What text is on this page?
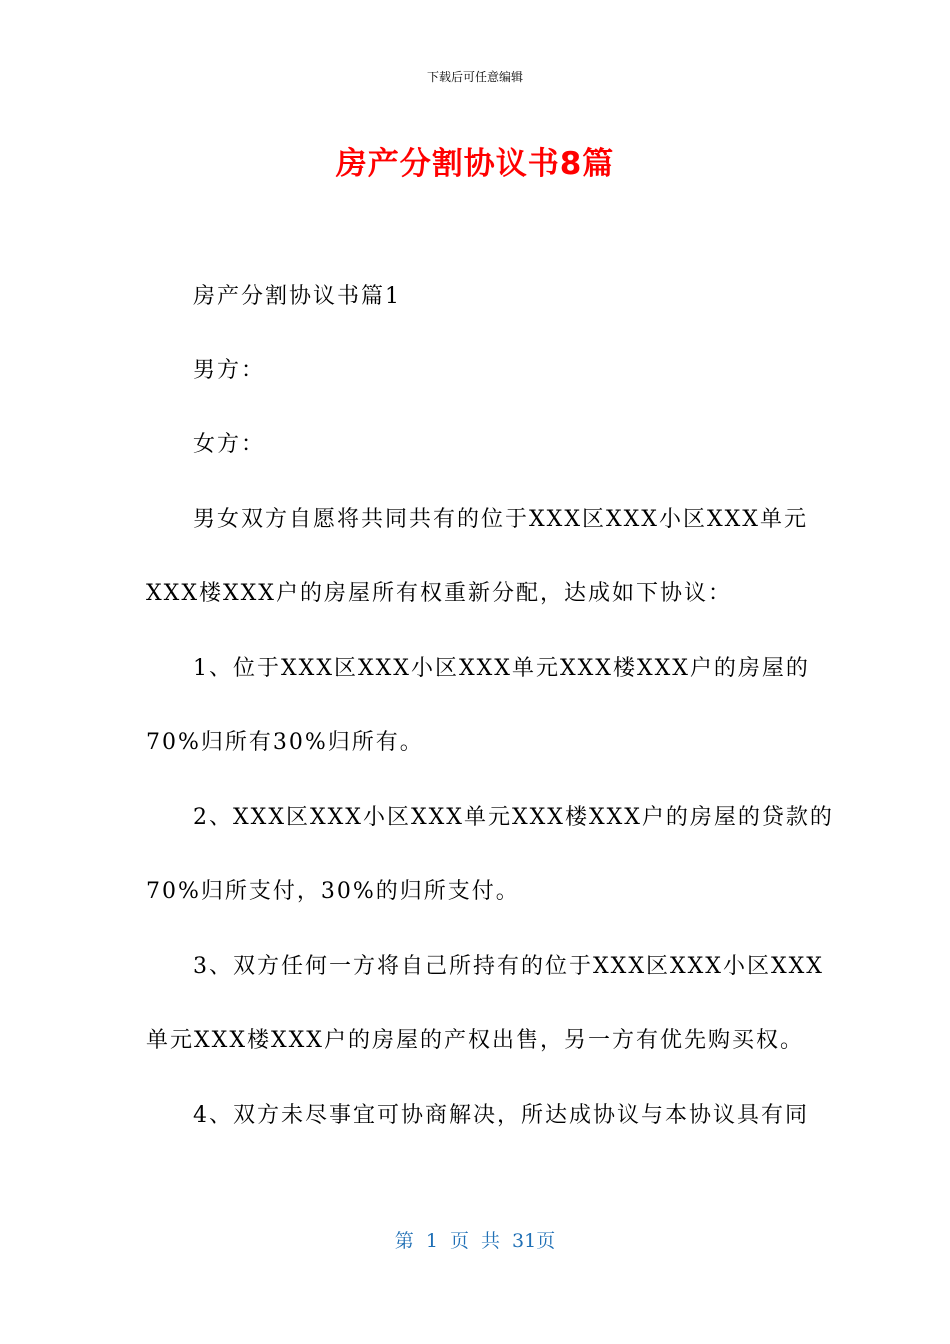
下载后可任意编辑
房产分割协议书8篇
房产分割协议书篇1
男方：
女方：
男女双方自愿将共同共有的位于XXX区XXX小区XXX单元
XXX楼XXX户的房屋所有权重新分配，达成如下协议：
1、位于XXX区XXX小区XXX单元XXX楼XXX户的房屋的
70%归所有30%归所有。
2、XXX区XXX小区XXX单元XXX楼XXX户的房屋的贷款的
70%归所支付，30%的归所支付。
3、双方任何一方将自己所持有的位于XXX区XXX小区XXX
单元XXX楼XXX户的房屋的产权出售，另一方有优先购买权。
4、双方未尽事宜可协商解决，所达成协议与本协议具有同
第 1 页 共 31页
